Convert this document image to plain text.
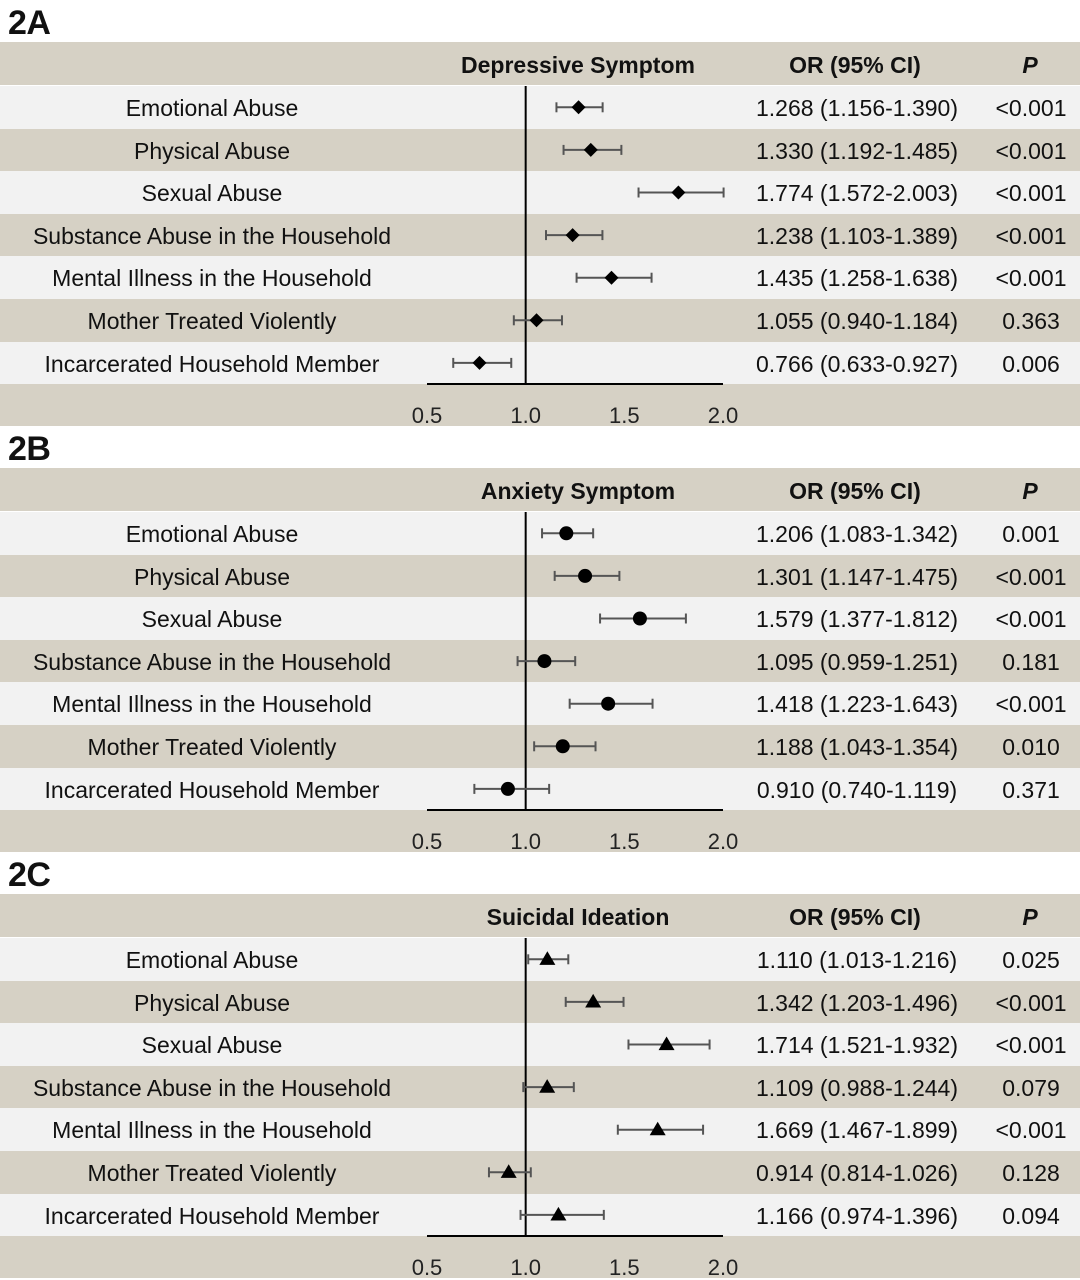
2A
Depressive Symptom	OR (95% CI)	P
Emotional Abuse	1.268 (1.156-1.390)	<0.001
Physical Abuse	1.330 (1.192-1.485)	<0.001
Sexual Abuse	1.774 (1.572-2.003)	<0.001
Substance Abuse in the Household	1.238 (1.103-1.389)	<0.001
Mental Illness in the Household	1.435 (1.258-1.638)	<0.001
Mother Treated Violently	1.055 (0.940-1.184)	0.363
Incarcerated Household Member	0.766 (0.633-0.927)	0.006
0.5	1.0	1.5	2.0
2B
Anxiety Symptom	OR (95% CI)	P
Emotional Abuse	1.206 (1.083-1.342)	0.001
Physical Abuse	1.301 (1.147-1.475)	<0.001
Sexual Abuse	1.579 (1.377-1.812)	<0.001
Substance Abuse in the Household	1.095 (0.959-1.251)	0.181
Mental Illness in the Household	1.418 (1.223-1.643)	<0.001
Mother Treated Violently	1.188 (1.043-1.354)	0.010
Incarcerated Household Member	0.910 (0.740-1.119)	0.371
0.5	1.0	1.5	2.0
2C
Suicidal Ideation	OR (95% CI)	P
Emotional Abuse	1.110 (1.013-1.216)	0.025
Physical Abuse	1.342 (1.203-1.496)	<0.001
Sexual Abuse	1.714 (1.521-1.932)	<0.001
Substance Abuse in the Household	1.109 (0.988-1.244)	0.079
Mental Illness in the Household	1.669 (1.467-1.899)	<0.001
Mother Treated Violently	0.914 (0.814-1.026)	0.128
Incarcerated Household Member	1.166 (0.974-1.396)	0.094
0.5	1.0	1.5	2.0
